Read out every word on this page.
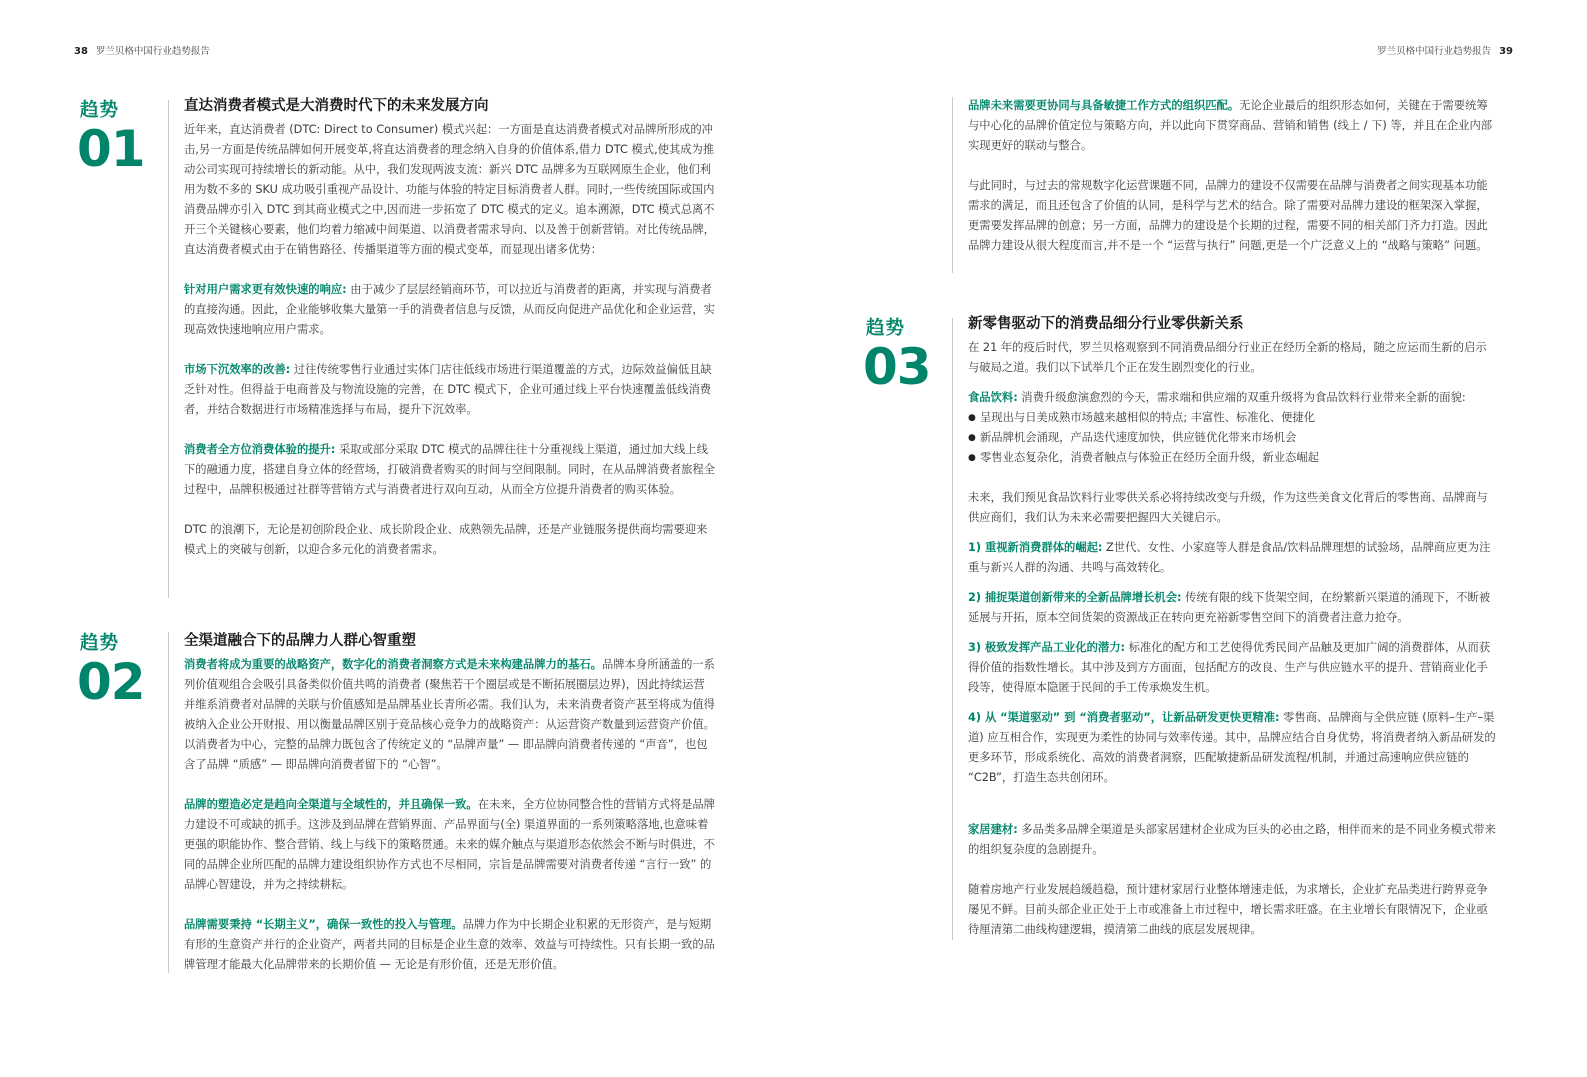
38 罗兰贝格中国行业趋势报告	罗兰贝格中国行业趋势报告 39
趋势
01
趋势
02
趋势
03
直达消费者模式是大消费时代下的未来发展方向

近年来，直达消费者 (DTC: Direct to Consumer) 模式兴起：一方面是直达消费者模式对品牌所形成的冲击,另一方面是传统品牌如何开展变革,将直达消费者的理念纳入自身的价值体系,借力 DTC 模式,使其成为推动公司实现可持续增长的新动能。从中，我们发现两波支流：新兴 DTC 品牌多为互联网原生企业，他们利用为数不多的 SKU 成功吸引重视产品设计、功能与体验的特定目标消费者人群。同时,一些传统国际或国内消费品牌亦引入 DTC 到其商业模式之中,因而进一步拓宽了 DTC 模式的定义。追本溯源，DTC 模式总离不开三个关键核心要素，他们均着力缩减中间渠道、以消费者需求导向、以及善于创新营销。对比传统品牌，直达消费者模式由于在销售路径、传播渠道等方面的模式变革，而显现出诸多优势：

针对用户需求更有效快速的响应: 由于减少了层层经销商环节，可以拉近与消费者的距离，并实现与消费者的直接沟通。因此，企业能够收集大量第一手的消费者信息与反馈，从而反向促进产品优化和企业运营，实现高效快速地响应用户需求。

市场下沉效率的改善: 过往传统零售行业通过实体门店往低线市场进行渠道覆盖的方式，边际效益偏低且缺乏针对性。但得益于电商普及与物流设施的完善，在 DTC 模式下，企业可通过线上平台快速覆盖低线消费者，并结合数据进行市场精准选择与布局，提升下沉效率。

消费者全方位消费体验的提升: 采取或部分采取 DTC 模式的品牌往往十分重视线上渠道，通过加大线上线下的融通力度，搭建自身立体的经营场，打破消费者购买的时间与空间限制。同时，在从品牌消费者旅程全过程中，品牌积极通过社群等营销方式与消费者进行双向互动，从而全方位提升消费者的购买体验。

DTC 的浪潮下，无论是初创阶段企业、成长阶段企业、成熟领先品牌，还是产业链服务提供商均需要迎来模式上的突破与创新，以迎合多元化的消费者需求。

全渠道融合下的品牌力人群心智重塑

消费者将成为重要的战略资产，数字化的消费者洞察方式是未来构建品牌力的基石。品牌本身所涵盖的一系列价值观组合会吸引具备类似价值共鸣的消费者 (聚焦若干个圈层或是不断拓展圈层边界)，因此持续运营并维系消费者对品牌的关联与价值感知是品牌基业长青所必需。我们认为，未来消费者资产甚至将成为值得被纳入企业公开财报、用以衡量品牌区别于竞品核心竞争力的战略资产：从运营资产数量到运营资产价值。以消费者为中心，完整的品牌力既包含了传统定义的 “品牌声量” — 即品牌向消费者传递的 “声音”，也包含了品牌 “质感” — 即品牌向消费者留下的 “心智”。

品牌的塑造必定是趋向全渠道与全域性的，并且确保一致。在未来，全方位协同整合性的营销方式将是品牌力建设不可或缺的抓手。这涉及到品牌在营销界面、产品界面与(全) 渠道界面的一系列策略落地,也意味着更强的职能协作、整合营销、线上与线下的策略贯通。未来的媒介触点与渠道形态依然会不断与时俱进，不同的品牌企业所匹配的品牌力建设组织协作方式也不尽相同，宗旨是品牌需要对消费者传递 “言行一致” 的品牌心智建设，并为之持续耕耘。

品牌需要秉持 “长期主义”，确保一致性的投入与管理。品牌力作为中长期企业积累的无形资产，是与短期有形的生意资产并行的企业资产，两者共同的目标是企业生意的效率、效益与可持续性。只有长期一致的品牌管理才能最大化品牌带来的长期价值 — 无论是有形价值，还是无形价值。

品牌未来需要更协同与具备敏捷工作方式的组织匹配。无论企业最后的组织形态如何，关键在于需要统筹与中心化的品牌价值定位与策略方向，并以此向下贯穿商品、营销和销售 (线上 / 下) 等，并且在企业内部实现更好的联动与整合。

与此同时，与过去的常规数字化运营课题不同，品牌力的建设不仅需要在品牌与消费者之间实现基本功能需求的满足，而且还包含了价值的认同，是科学与艺术的结合。除了需要对品牌力建设的框架深入掌握，更需要发挥品牌的创意；另一方面，品牌力的建设是个长期的过程，需要不同的相关部门齐力打造。因此品牌力建设从很大程度而言,并不是一个 “运营与执行” 问题,更是一个广泛意义上的 “战略与策略” 问题。

新零售驱动下的消费品细分行业零供新关系

在 21 年的疫后时代，罗兰贝格观察到不同消费品细分行业正在经历全新的格局，随之应运而生新的启示与破局之道。我们以下试举几个正在发生剧烈变化的行业。

食品饮料: 消费升级愈演愈烈的今天，需求端和供应端的双重升级将为食品饮料行业带来全新的面貌:

● 呈现出与日美成熟市场越来越相似的特点; 丰富性、标准化、便捷化
● 新品牌机会涌现，产品迭代速度加快，供应链优化带来市场机会
● 零售业态复杂化，消费者触点与体验正在经历全面升级，新业态崛起

未来，我们预见食品饮料行业零供关系必将持续改变与升级，作为这些美食文化背后的零售商、品牌商与供应商们，我们认为未来必需要把握四大关键启示。

1) 重视新消费群体的崛起: Z世代、女性、小家庭等人群是食品/饮料品牌理想的试验场，品牌商应更为注重与新兴人群的沟通、共鸣与高效转化。

2) 捕捉渠道创新带来的全新品牌增长机会: 传统有限的线下货架空间，在纷繁新兴渠道的涌现下，不断被延展与开拓，原本空间货架的资源战正在转向更充裕新零售空间下的消费者注意力抢夺。

3) 极致发挥产品工业化的潜力: 标准化的配方和工艺使得优秀民间产品触及更加广阔的消费群体，从而获得价值的指数性增长。其中涉及到方方面面，包括配方的改良、生产与供应链水平的提升、营销商业化手段等，使得原本隐匿于民间的手工传承焕发生机。

4) 从 “渠道驱动” 到 “消费者驱动”，让新品研发更快更精准: 零售商、品牌商与全供应链 (原料–生产–渠道) 应互相合作，实现更为柔性的协同与效率传递。其中，品牌应结合自身优势，将消费者纳入新品研发的更多环节，形成系统化、高效的消费者洞察，匹配敏捷新品研发流程/机制，并通过高速响应供应链的 “C2B”，打造生态共创闭环。

家居建材: 多品类多品牌全渠道是头部家居建材企业成为巨头的必由之路，相伴而来的是不同业务模式带来的组织复杂度的急剧提升。

随着房地产行业发展趋缓趋稳，预计建材家居行业整体增速走低，为求增长，企业扩充品类进行跨界竞争屡见不鲜。目前头部企业正处于上市或准备上市过程中，增长需求旺盛。在主业增长有限情况下，企业亟待厘清第二曲线构建逻辑，摸清第二曲线的底层发展规律。
